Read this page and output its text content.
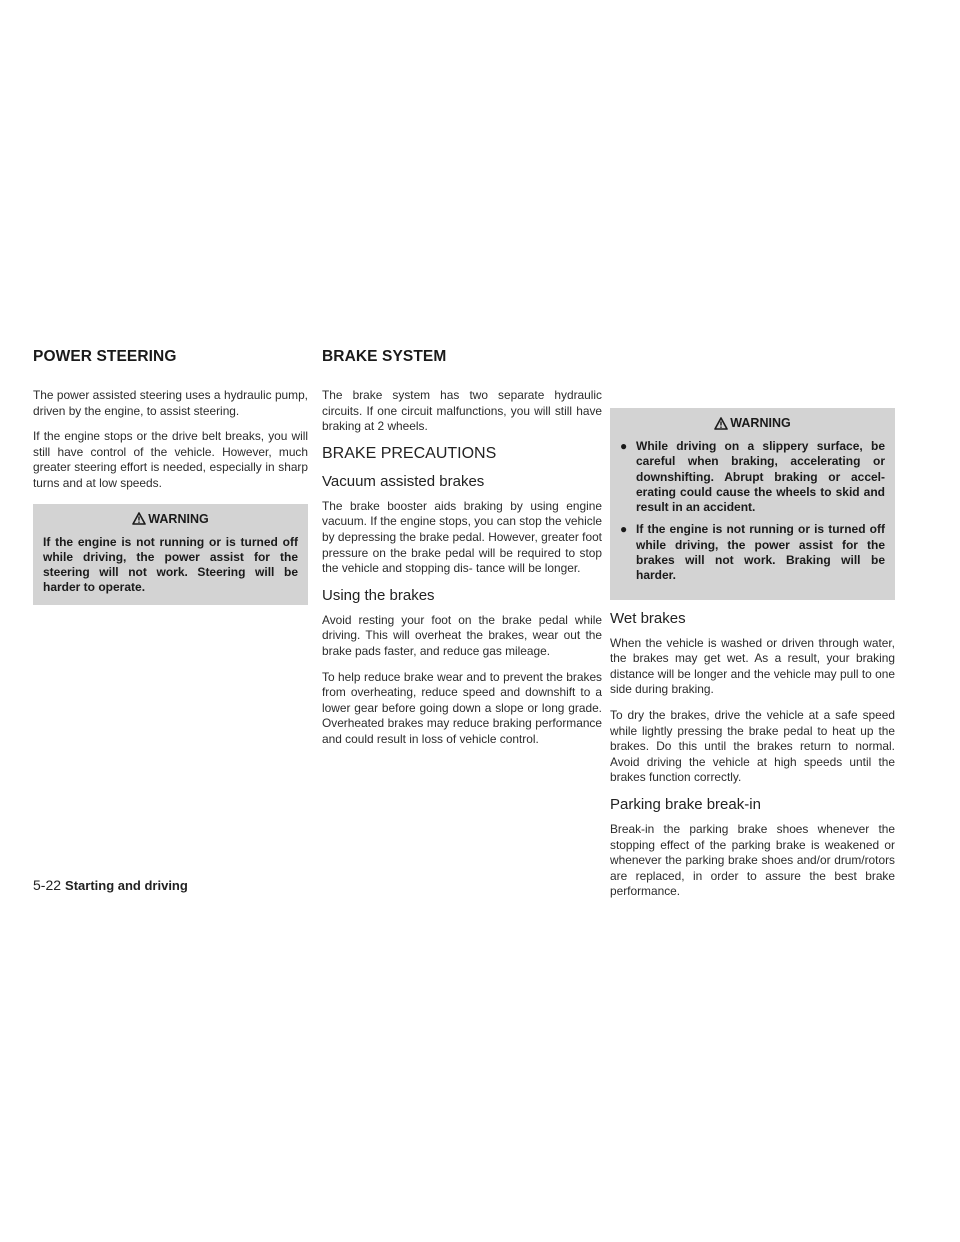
POWER STEERING

The power assisted steering uses a hydraulic pump, driven by the engine, to assist steering.

If the engine stops or the drive belt breaks, you will still have control of the vehicle. However, much greater steering effort is needed, especially in sharp turns and at low speeds.

WARNING
If the engine is not running or is turned off while driving, the power assist for the steering will not work. Steering will be harder to operate.
BRAKE SYSTEM

The brake system has two separate hydraulic circuits. If one circuit malfunctions, you will still have braking at 2 wheels.

BRAKE PRECAUTIONS
Vacuum assisted brakes

The brake booster aids braking by using engine vacuum. If the engine stops, you can stop the vehicle by depressing the brake pedal. However, greater foot pressure on the brake pedal will be required to stop the vehicle and stopping dis- tance will be longer.

Using the brakes

Avoid resting your foot on the brake pedal while driving. This will overheat the brakes, wear out the brake pads faster, and reduce gas mileage.

To help reduce brake wear and to prevent the brakes from overheating, reduce speed and downshift to a lower gear before going down a slope or long grade. Overheated brakes may reduce braking performance and could result in loss of vehicle control.

WARNING
● While driving on a slippery surface, be careful when braking, accelerating or downshifting. Abrupt braking or accel- erating could cause the wheels to skid and result in an accident.
● If the engine is not running or is turned off while driving, the power assist for the brakes will not work. Braking will be harder.
Wet brakes

When the vehicle is washed or driven through water, the brakes may get wet. As a result, your braking distance will be longer and the vehicle may pull to one side during braking.

To dry the brakes, drive the vehicle at a safe speed while lightly pressing the brake pedal to heat up the brakes. Do this until the brakes return to normal. Avoid driving the vehicle at high speeds until the brakes function correctly.

Parking brake break-in

Break-in the parking brake shoes whenever the stopping effect of the parking brake is weakened or whenever the parking brake shoes and/or drum/rotors are replaced, in order to assure the best brake performance.

5-22 Starting and driving
